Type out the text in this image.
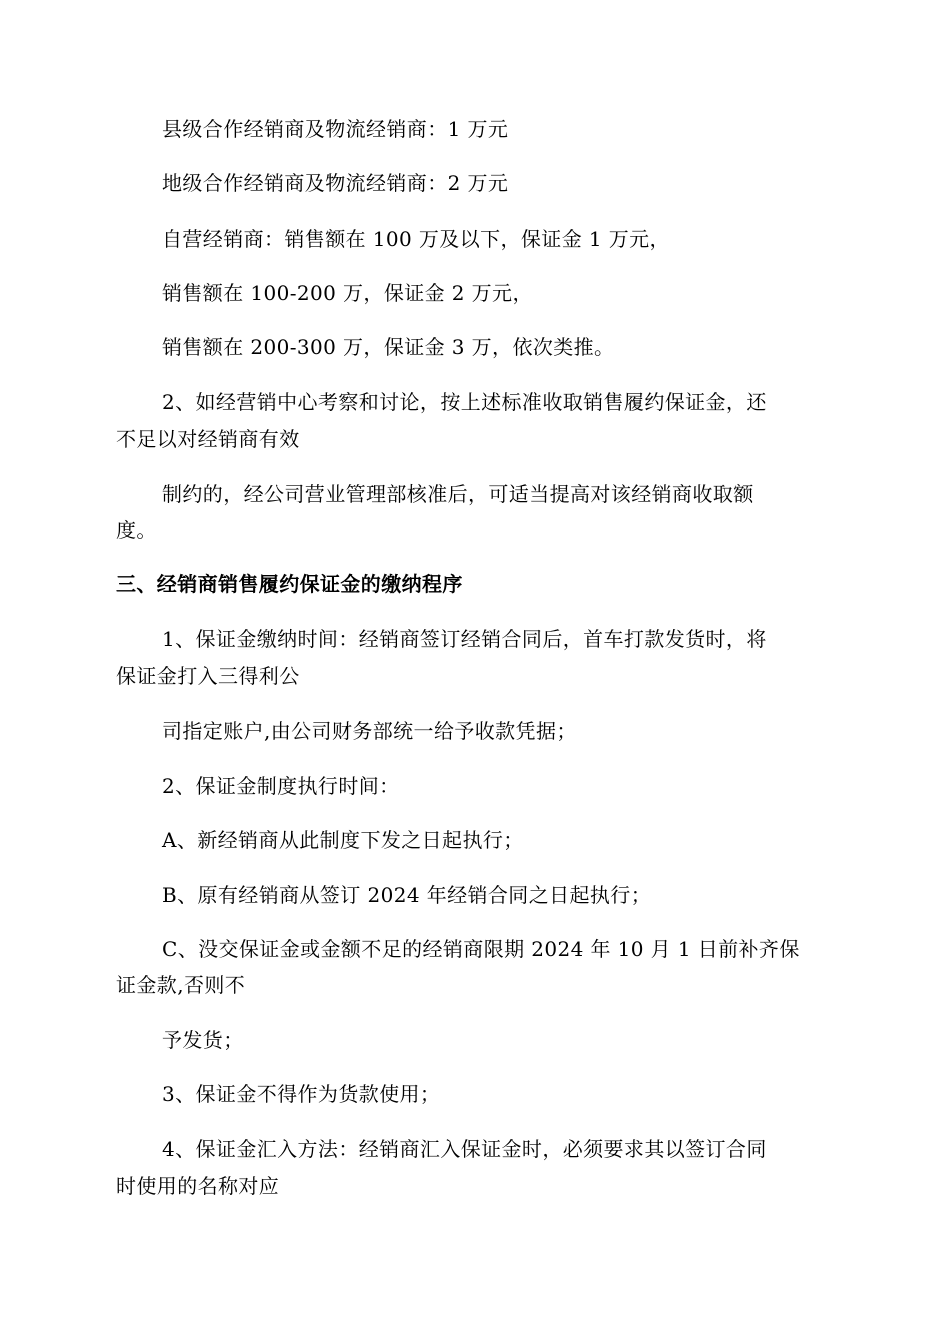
县级合作经销商及物流经销商：1 万元
地级合作经销商及物流经销商：2 万元
自营经销商：销售额在 100 万及以下，保证金 1 万元，
销售额在 100-200 万，保证金 2 万元，
销售额在 200-300 万，保证金 3 万，依次类推。
2、如经营销中心考察和讨论，按上述标准收取销售履约保证金，还
不足以对经销商有效
制约的，经公司营业管理部核准后，可适当提高对该经销商收取额
度。
三、经销商销售履约保证金的缴纳程序
1、保证金缴纳时间：经销商签订经销合同后，首车打款发货时，将
保证金打入三得利公
司指定账户,由公司财务部统一给予收款凭据；
2、保证金制度执行时间：
A、新经销商从此制度下发之日起执行；
B、原有经销商从签订 2024 年经销合同之日起执行；
C、没交保证金或金额不足的经销商限期 2024 年 10 月 1 日前补齐保
证金款,否则不
予发货；
3、保证金不得作为货款使用；
4、保证金汇入方法：经销商汇入保证金时，必须要求其以签订合同
时使用的名称对应
